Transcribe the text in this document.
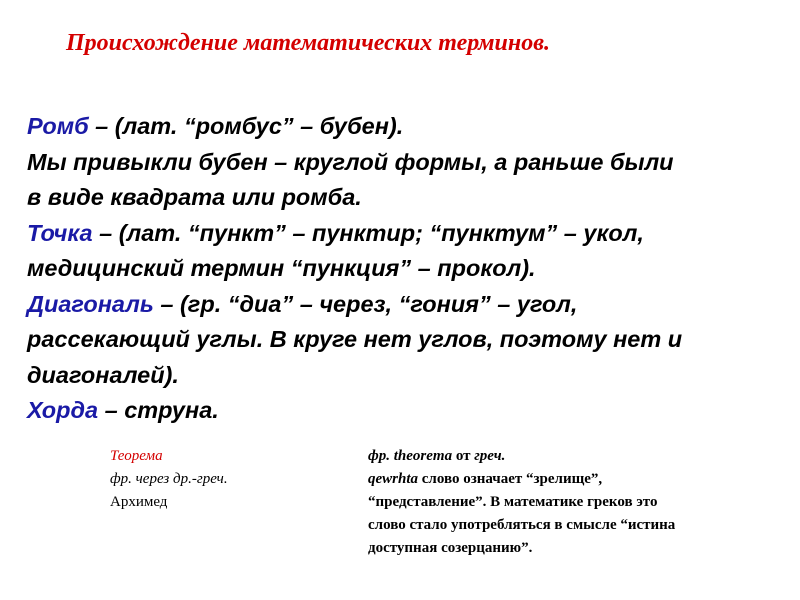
Происхождение математических терминов.
Ромб – (лат. “ромбус” – бубен).
Мы привыкли бубен – круглой формы, а раньше были
в виде квадрата или ромба.
Точка – (лат. “пункт” – пунктир; “пунктум” – укол,
медицинский термин “пункция” – прокол).
Диагональ – (гр. “диа” – через, “гония” – угол,
рассекающий углы. В круге нет углов, поэтому нет и
диагоналей).
Хорда – струна.
Теорема
фр. через др.-греч.
Архимед
фр. theorema от греч.
qewrhta слово означает “зрелище”,
“представление”. В математике греков это
слово стало употребляться в смысле “истина
доступная созерцанию”.
